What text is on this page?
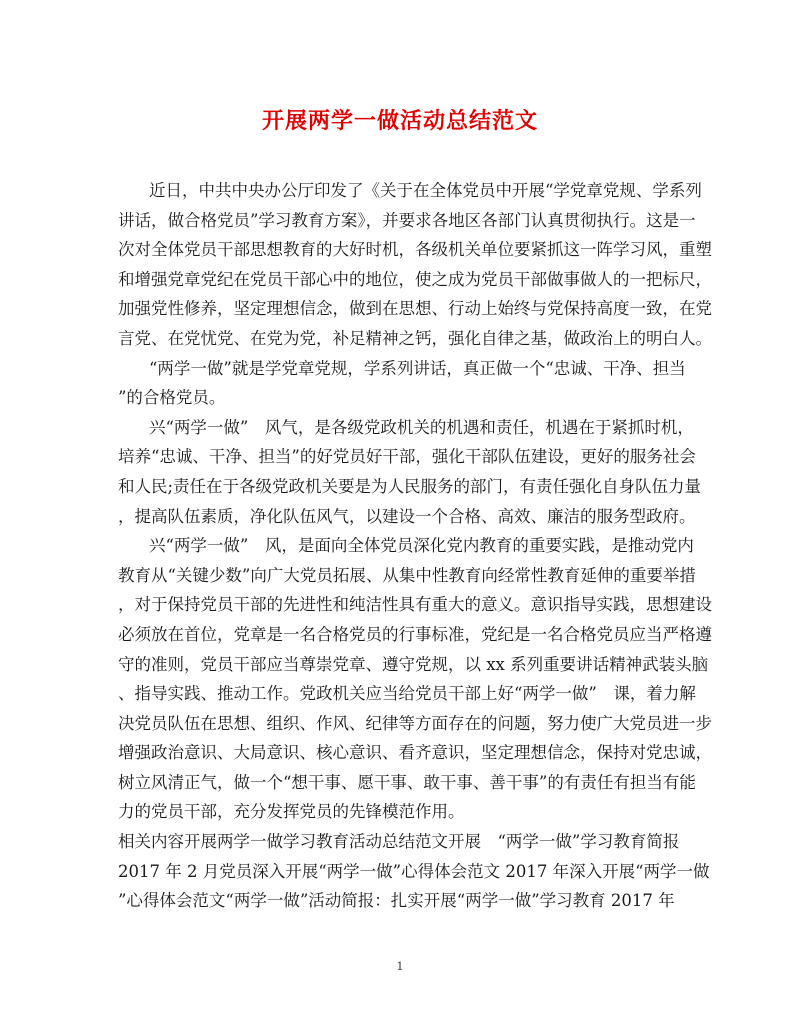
开展两学一做活动总结范文
近日，中共中央办公厅印发了《关于在全体党员中开展“学党章党规、学系列
讲话，做合格党员”学习教育方案》，并要求各地区各部门认真贯彻执行。这是一
次对全体党员干部思想教育的大好时机，各级机关单位要紧抓这一阵学习风，重塑
和增强党章党纪在党员干部心中的地位，使之成为党员干部做事做人的一把标尺，
加强党性修养，坚定理想信念，做到在思想、行动上始终与党保持高度一致，在党
言党、在党忧党、在党为党，补足精神之钙，强化自律之基，做政治上的明白人。
“两学一做”就是学党章党规，学系列讲话，真正做一个“忠诚、干净、担当
”的合格党员。
兴“两学一做”　风气，是各级党政机关的机遇和责任，机遇在于紧抓时机，
培养“忠诚、干净、担当”的好党员好干部，强化干部队伍建设，更好的服务社会
和人民;责任在于各级党政机关要是为人民服务的部门，有责任强化自身队伍力量
，提高队伍素质，净化队伍风气，以建设一个合格、高效、廉洁的服务型政府。
兴“两学一做”　风，是面向全体党员深化党内教育的重要实践，是推动党内
教育从“关键少数”向广大党员拓展、从集中性教育向经常性教育延伸的重要举措
，对于保持党员干部的先进性和纯洁性具有重大的意义。意识指导实践，思想建设
必须放在首位，党章是一名合格党员的行事标准，党纪是一名合格党员应当严格遵
守的准则，党员干部应当尊崇党章、遵守党规，以 xx 系列重要讲话精神武装头脑
、指导实践、推动工作。党政机关应当给党员干部上好“两学一做”　课，着力解
决党员队伍在思想、组织、作风、纪律等方面存在的问题，努力使广大党员进一步
增强政治意识、大局意识、核心意识、看齐意识，坚定理想信念，保持对党忠诚，
树立风清正气，做一个“想干事、愿干事、敢干事、善干事”的有责任有担当有能
力的党员干部，充分发挥党员的先锋模范作用。
相关内容开展两学一做学习教育活动总结范文开展　“两学一做”学习教育简报
2017 年 2 月党员深入开展“两学一做”心得体会范文 2017 年深入开展“两学一做
”心得体会范文“两学一做”活动简报：扎实开展“两学一做”学习教育 2017 年
1
